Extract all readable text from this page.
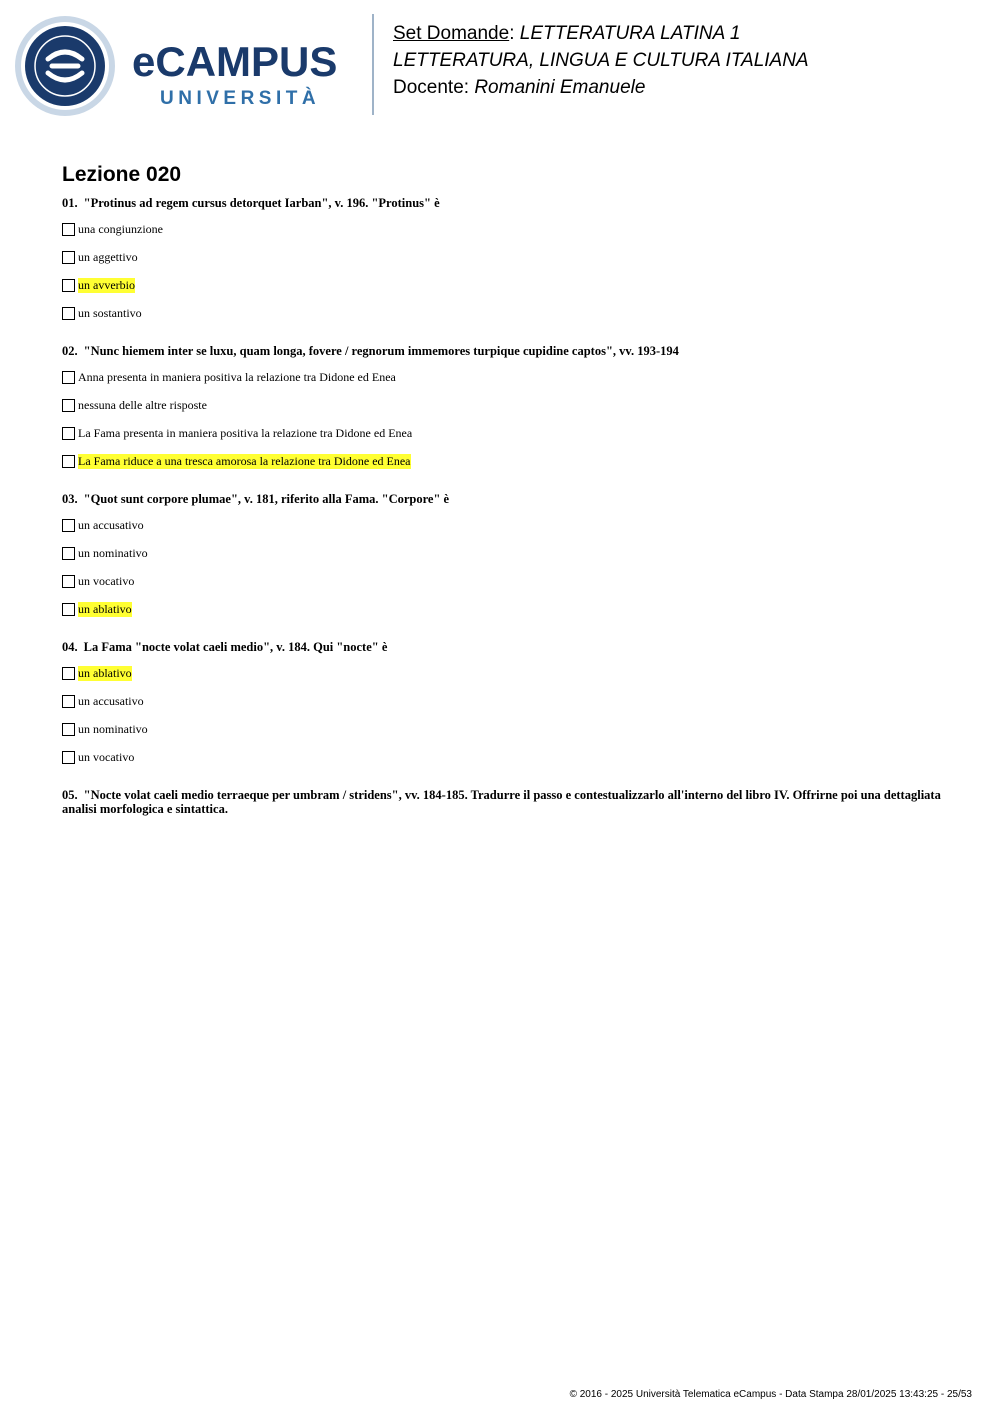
eCAMPUS
UNIVERSITÀ
Set Domande: LETTERATURA LATINA 1
LETTERATURA, LINGUA E CULTURA ITALIANA
Docente: Romanini Emanuele
Lezione 020
01. "Protinus ad regem cursus detorquet Iarban", v. 196. "Protinus" è
una congiunzione
un aggettivo
un avverbio
un sostantivo
02. "Nunc hiemem inter se luxu, quam longa, fovere / regnorum immemores turpique cupidine captos", vv. 193-194
Anna presenta in maniera positiva la relazione tra Didone ed Enea
nessuna delle altre risposte
La Fama presenta in maniera positiva la relazione tra Didone ed Enea
La Fama riduce a una tresca amorosa la relazione tra Didone ed Enea
03. "Quot sunt corpore plumae", v. 181, riferito alla Fama. "Corpore" è
un accusativo
un nominativo
un vocativo
un ablativo
04. La Fama "nocte volat caeli medio", v. 184. Qui "nocte" è
un ablativo
un accusativo
un nominativo
un vocativo
05. "Nocte volat caeli medio terraeque per umbram / stridens", vv. 184-185. Tradurre il passo e contestualizzarlo all'interno del libro IV. Offrirne poi una dettagliata analisi morfologica e sintattica.
© 2016 - 2025 Università Telematica eCampus - Data Stampa 28/01/2025 13:43:25 - 25/53
